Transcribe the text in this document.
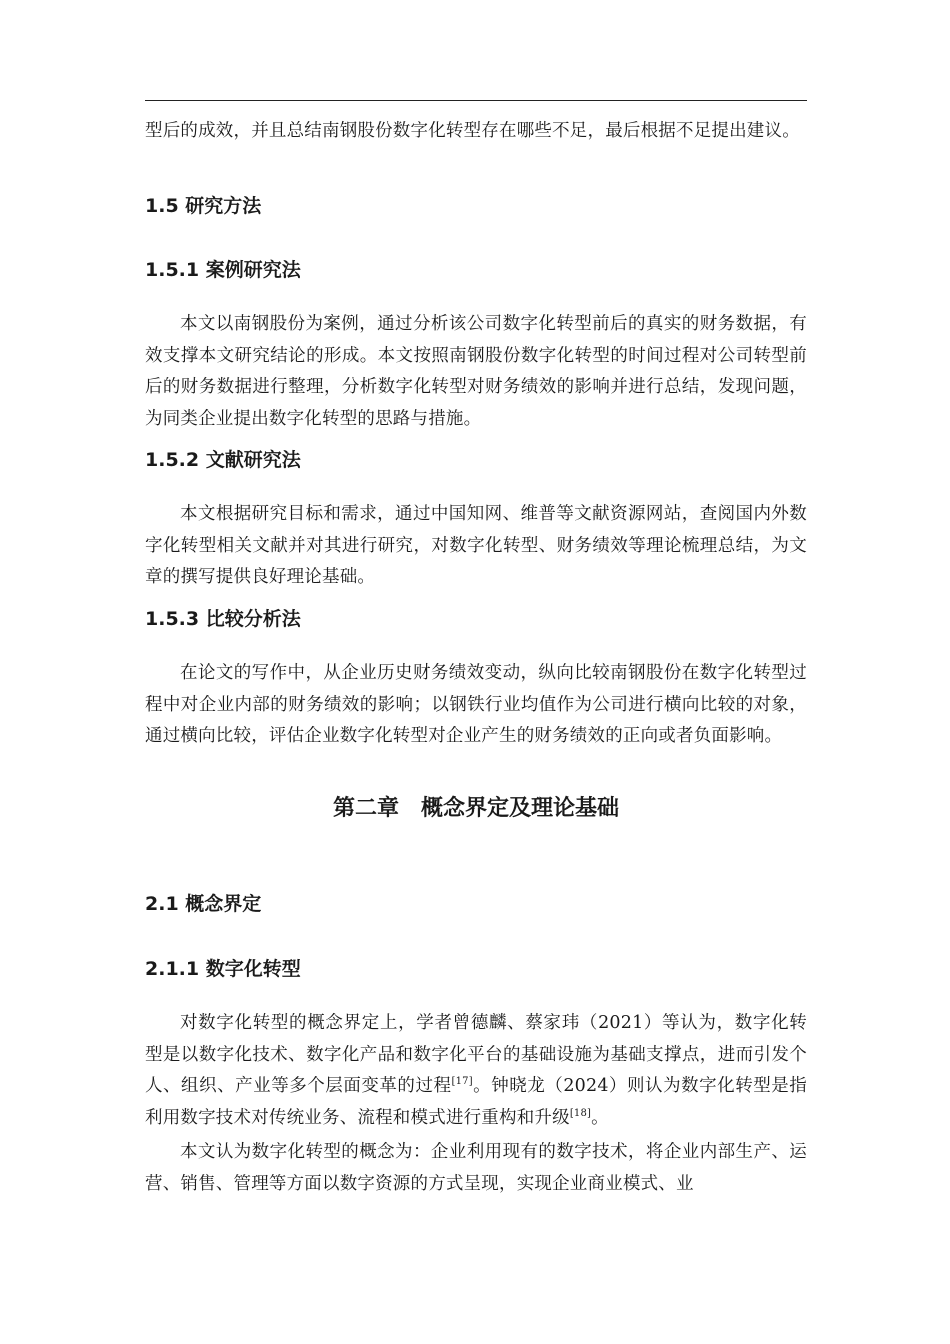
型后的成效，并且总结南钢股份数字化转型存在哪些不足，最后根据不足提出建议。

1.5 研究方法
1.5.1 案例研究法

本文以南钢股份为案例，通过分析该公司数字化转型前后的真实的财务数据，有效支撑本文研究结论的形成。本文按照南钢股份数字化转型的时间过程对公司转型前后的财务数据进行整理，分析数字化转型对财务绩效的影响并进行总结，发现问题，为同类企业提出数字化转型的思路与措施。

1.5.2 文献研究法

本文根据研究目标和需求，通过中国知网、维普等文献资源网站，查阅国内外数字化转型相关文献并对其进行研究，对数字化转型、财务绩效等理论梳理总结，为文章的撰写提供良好理论基础。

1.5.3 比较分析法

在论文的写作中，从企业历史财务绩效变动，纵向比较南钢股份在数字化转型过程中对企业内部的财务绩效的影响；以钢铁行业均值作为公司进行横向比较的对象，通过横向比较，评估企业数字化转型对企业产生的财务绩效的正向或者负面影响。

第二章　概念界定及理论基础
2.1 概念界定
2.1.1 数字化转型

对数字化转型的概念界定上，学者曾德麟、蔡家玮（2021）等认为，数字化转型是以数字化技术、数字化产品和数字化平台的基础设施为基础支撑点，进而引发个人、组织、产业等多个层面变革的过程[17]。钟晓龙（2024）则认为数字化转型是指利用数字技术对传统业务、流程和模式进行重构和升级[18]。

本文认为数字化转型的概念为：企业利用现有的数字技术，将企业内部生产、运营、销售、管理等方面以数字资源的方式呈现，实现企业商业模式、业
